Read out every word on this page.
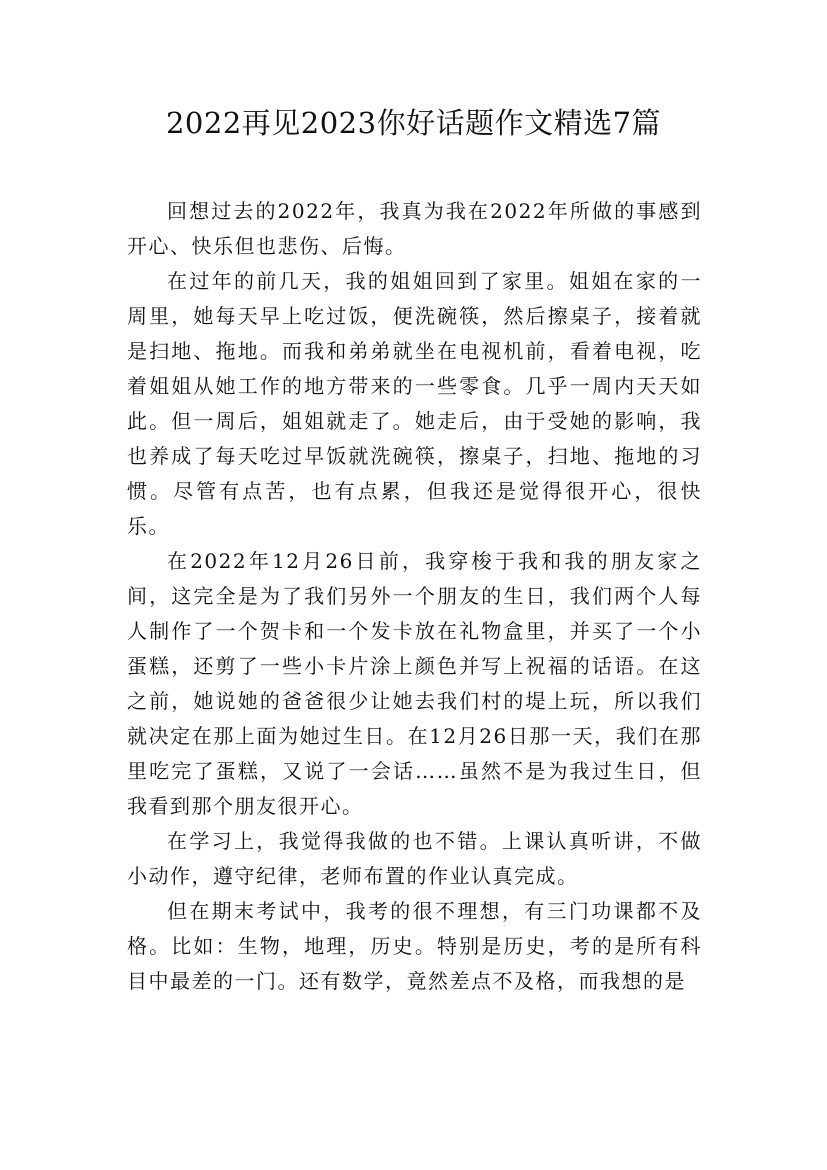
2022再见2023你好话题作文精选7篇

回想过去的2022年，我真为我在2022年所做的事感到开心、快乐但也悲伤、后悔。

在过年的前几天，我的姐姐回到了家里。姐姐在家的一周里，她每天早上吃过饭，便洗碗筷，然后擦桌子，接着就是扫地、拖地。而我和弟弟就坐在电视机前，看着电视，吃着姐姐从她工作的地方带来的一些零食。几乎一周内天天如此。但一周后，姐姐就走了。她走后，由于受她的影响，我也养成了每天吃过早饭就洗碗筷，擦桌子，扫地、拖地的习惯。尽管有点苦，也有点累，但我还是觉得很开心，很快乐。

在2022年12月26日前，我穿梭于我和我的朋友家之间，这完全是为了我们另外一个朋友的生日，我们两个人每人制作了一个贺卡和一个发卡放在礼物盒里，并买了一个小蛋糕，还剪了一些小卡片涂上颜色并写上祝福的话语。在这之前，她说她的爸爸很少让她去我们村的堤上玩，所以我们就决定在那上面为她过生日。在12月26日那一天，我们在那里吃完了蛋糕，又说了一会话……虽然不是为我过生日，但我看到那个朋友很开心。

在学习上，我觉得我做的也不错。上课认真听讲，不做小动作，遵守纪律，老师布置的作业认真完成。

但在期末考试中，我考的很不理想，有三门功课都不及格。比如：生物，地理，历史。特别是历史，考的是所有科目中最差的一门。还有数学，竟然差点不及格，而我想的是
